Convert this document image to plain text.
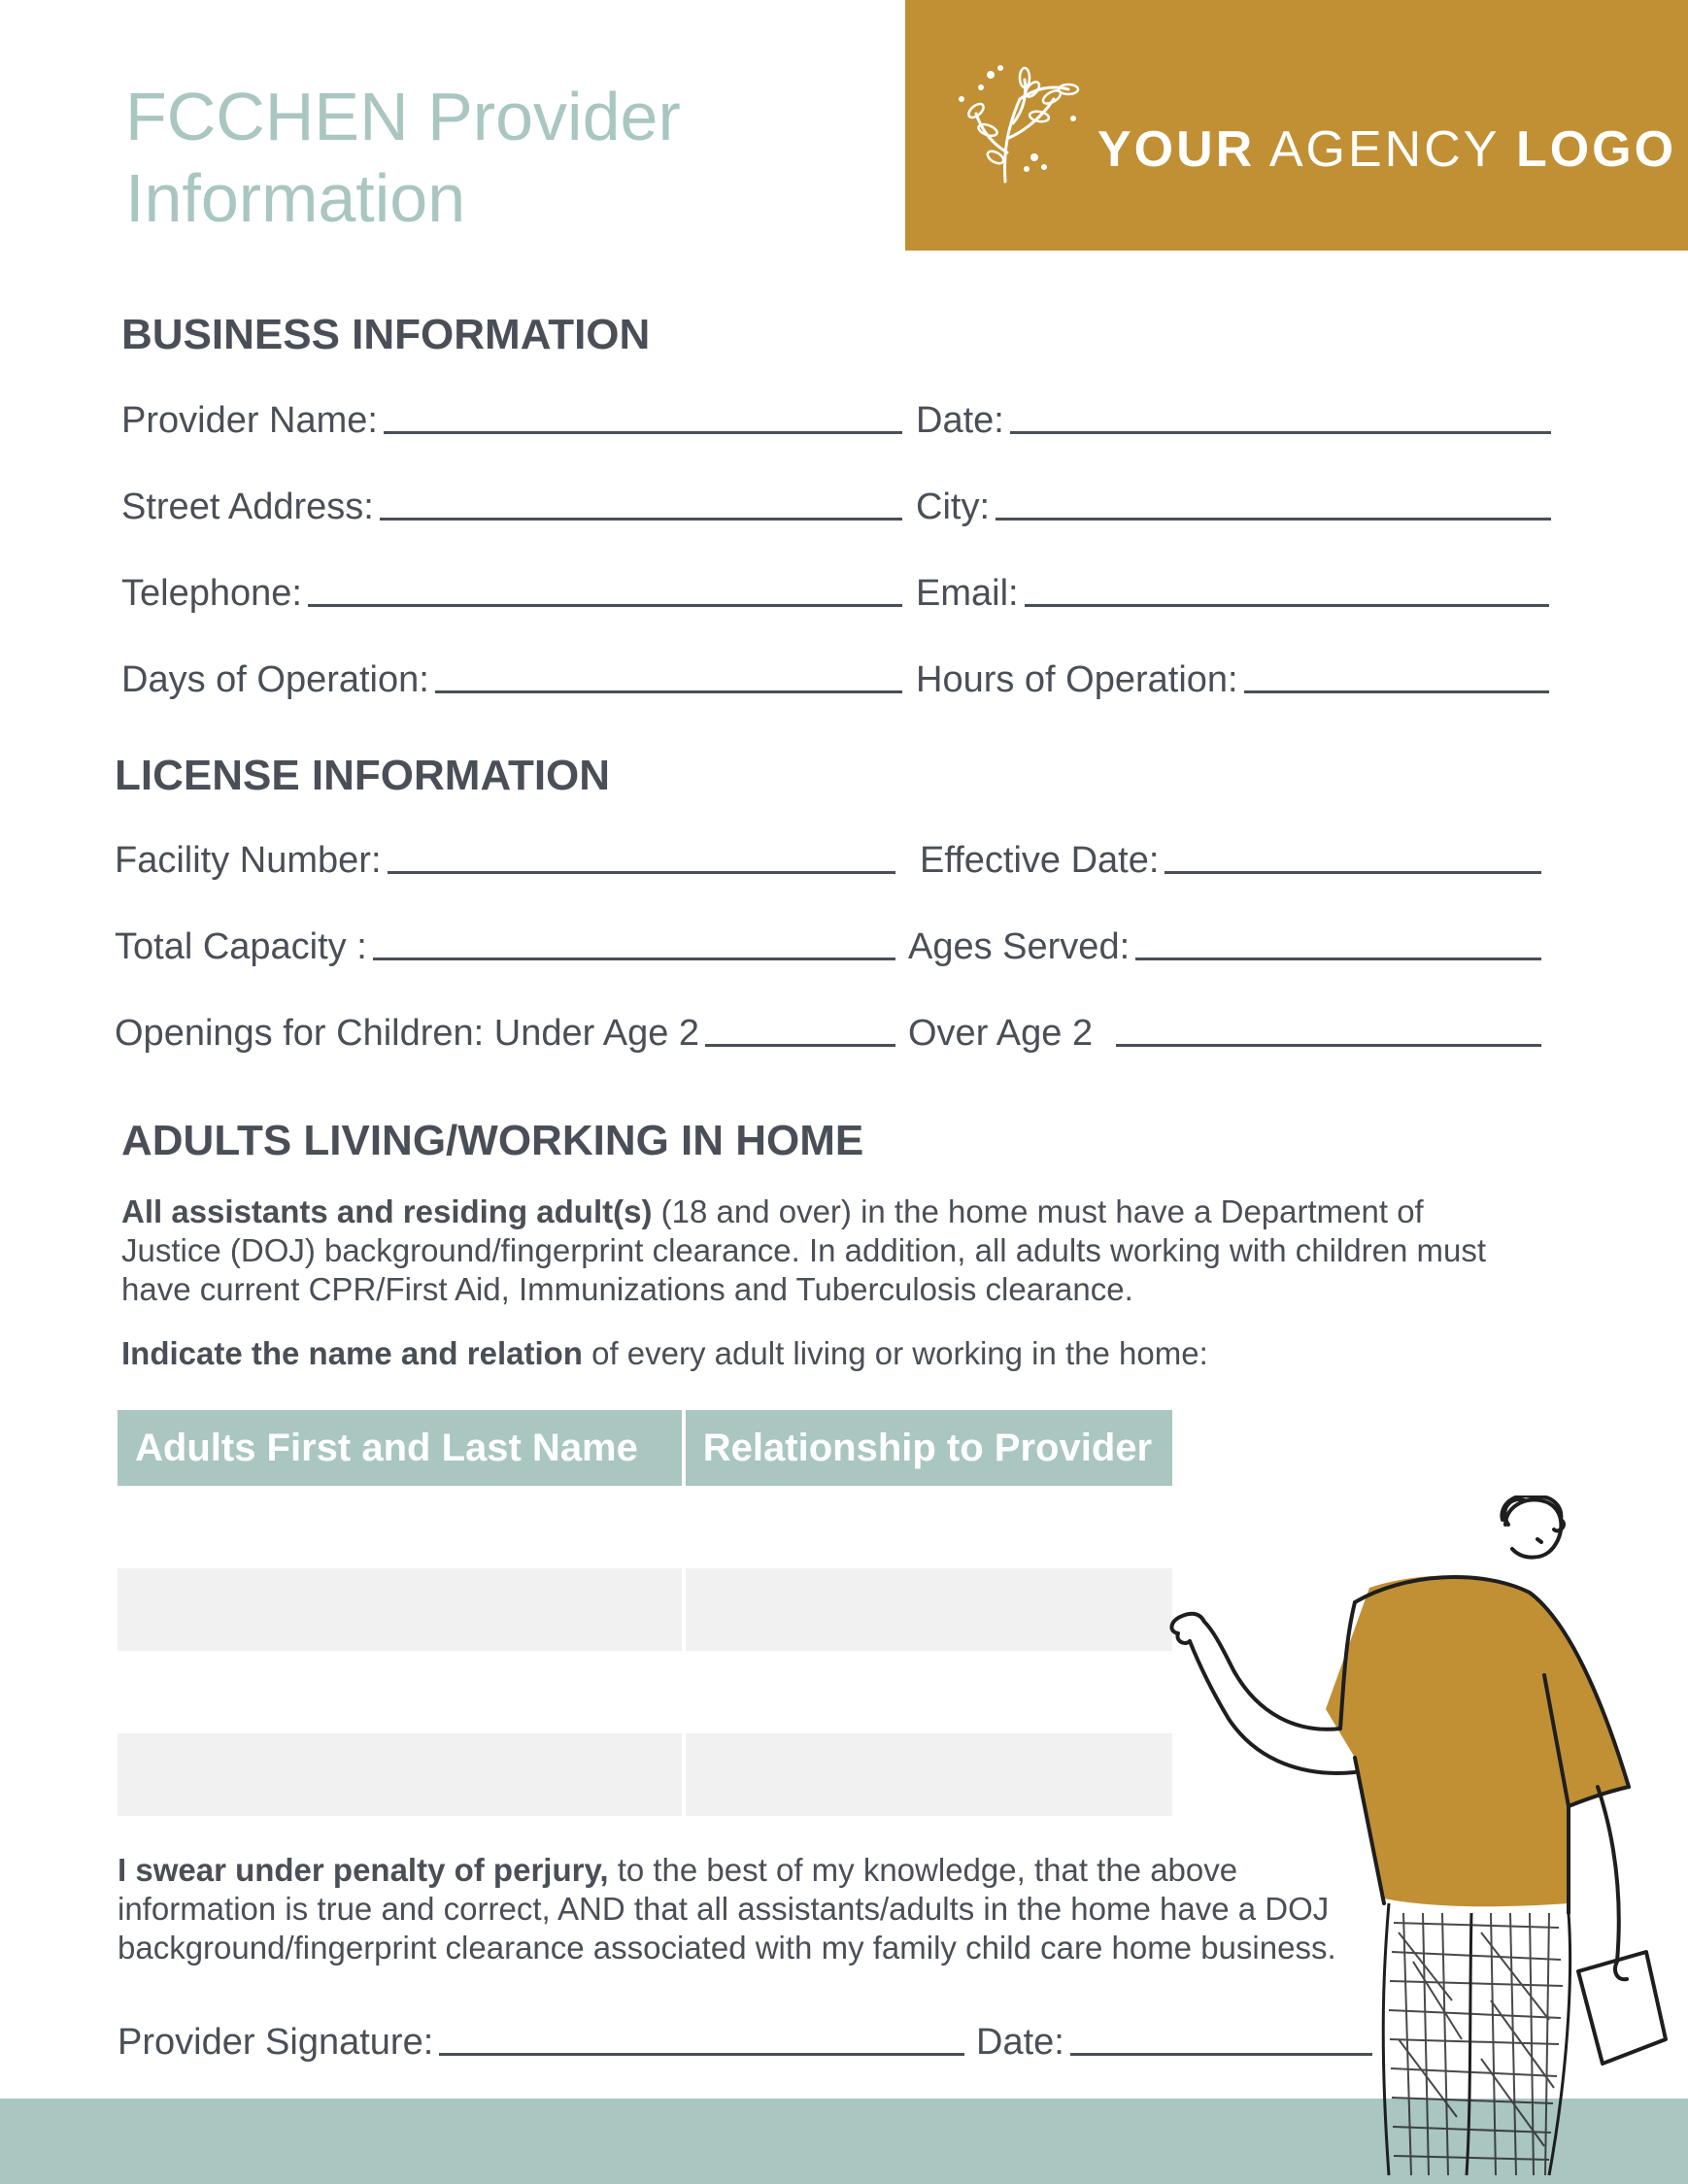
FCCHEN Provider
Information
YOUR AGENCY LOGO
BUSINESS INFORMATION
Provider Name:	Date:
Street Address:	City:
Telephone:	Email:
Days of Operation:	Hours of Operation:
LICENSE INFORMATION
Facility Number:	Effective Date:
Total Capacity :	Ages Served:
Openings for Children: Under Age 2	Over Age 2
ADULTS LIVING/WORKING IN HOME
All assistants and residing adult(s) (18 and over) in the home must have a Department of Justice (DOJ) background/fingerprint clearance. In addition, all adults working with children must have current CPR/First Aid, Immunizations and Tuberculosis clearance.
Indicate the name and relation of every adult living or working in the home:
Adults First and Last Name	Relationship to Provider

I swear under penalty of perjury, to the best of my knowledge, that the above information is true and correct, AND that all assistants/adults in the home have a DOJ background/fingerprint clearance associated with my family child care home business.
Provider Signature:	Date:
